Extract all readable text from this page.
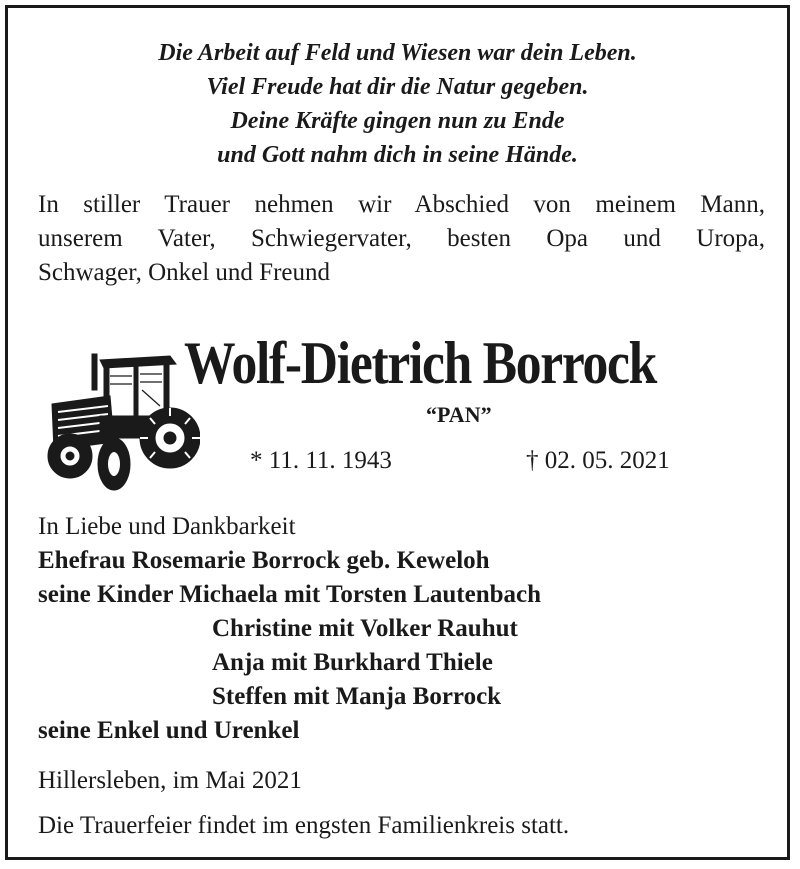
Die Arbeit auf Feld und Wiesen war dein Leben.
Viel Freude hat dir die Natur gegeben.
Deine Kräfte gingen nun zu Ende
und Gott nahm dich in seine Hände.
In stiller Trauer nehmen wir Abschied von meinem Mann,
unserem Vater, Schwiegervater, besten Opa und Uropa,
Schwager, Onkel und Freund
Wolf-Dietrich Borrock
“PAN”
* 11. 11. 1943	† 02. 05. 2021
In Liebe und Dankbarkeit
Ehefrau Rosemarie Borrock geb. Keweloh
seine Kinder Michaela mit Torsten Lautenbach
Christine mit Volker Rauhut
Anja mit Burkhard Thiele
Steffen mit Manja Borrock
seine Enkel und Urenkel
Hillersleben, im Mai 2021
Die Trauerfeier findet im engsten Familienkreis statt.
